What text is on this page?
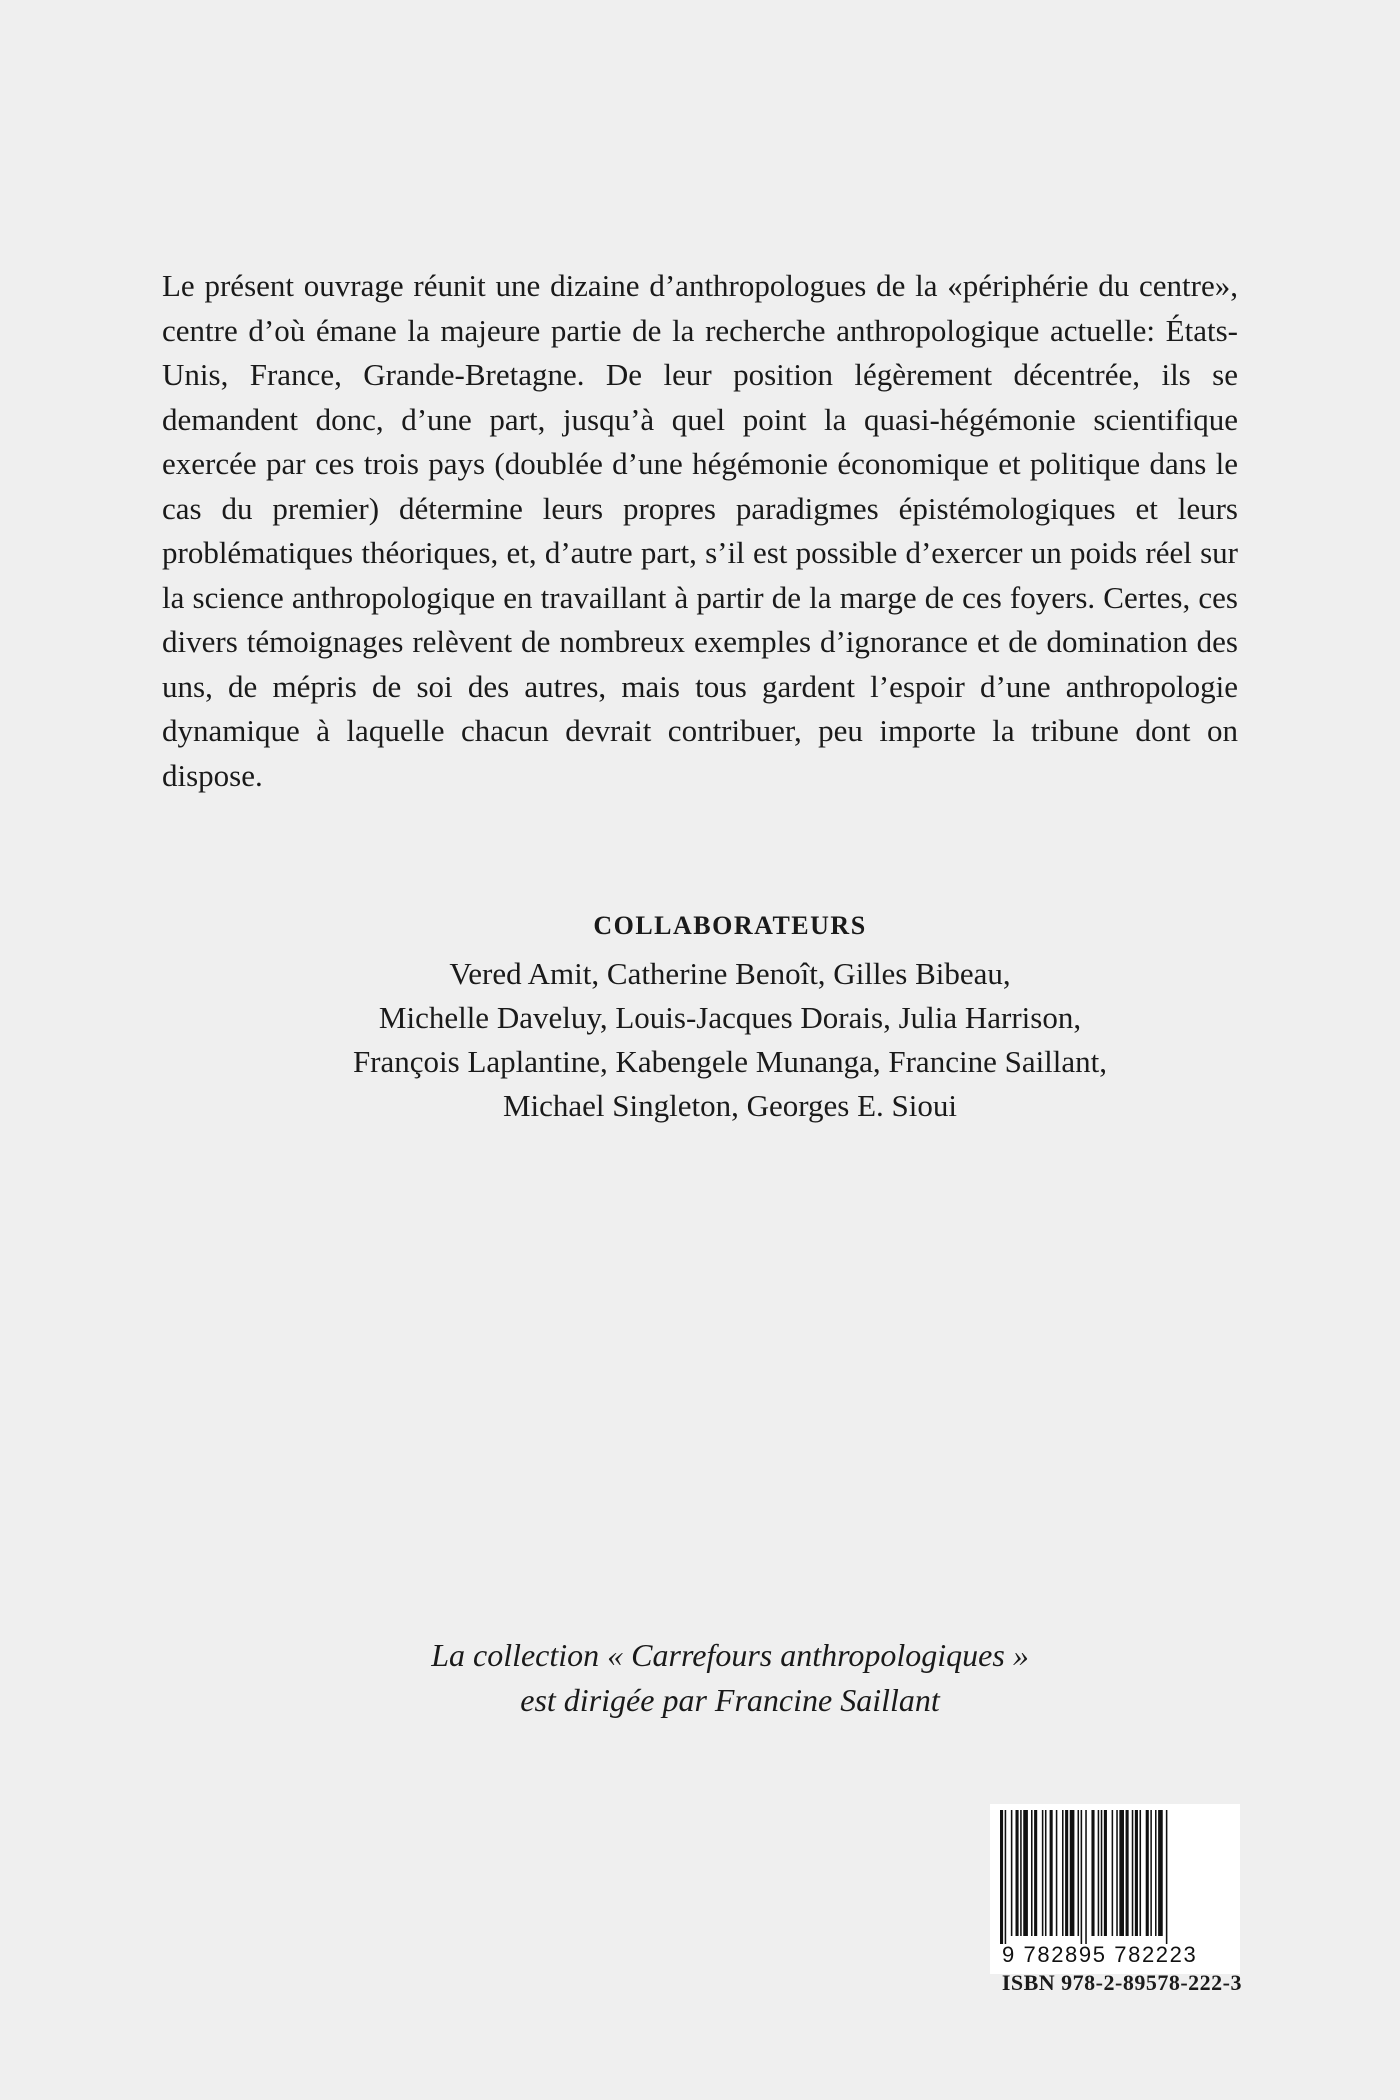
Le présent ouvrage réunit une dizaine d’anthropologues de la «périphérie du centre», centre d’où émane la majeure partie de la recherche anthropologique actuelle: États-Unis, France, Grande-Bretagne. De leur position légèrement décentrée, ils se demandent donc, d’une part, jusqu’à quel point la quasi-hégémonie scientifique exercée par ces trois pays (doublée d’une hégémonie économique et politique dans le cas du premier) détermine leurs propres paradigmes épistémologiques et leurs problématiques théoriques, et, d’autre part, s’il est possible d’exercer un poids réel sur la science anthropologique en travaillant à partir de la marge de ces foyers. Certes, ces divers témoignages relèvent de nombreux exemples d’ignorance et de domination des uns, de mépris de soi des autres, mais tous gardent l’espoir d’une anthropologie dynamique à laquelle chacun devrait contribuer, peu importe la tribune dont on dispose.

COLLABORATEURS
Vered Amit, Catherine Benoît, Gilles Bibeau,
Michelle Daveluy, Louis-Jacques Dorais, Julia Harrison,
François Laplantine, Kabengele Munanga, Francine Saillant,
Michael Singleton, Georges E. Sioui
La collection « Carrefours anthropologiques »
est dirigée par Francine Saillant
9 782895 782223
ISBN 978-2-89578-222-3
